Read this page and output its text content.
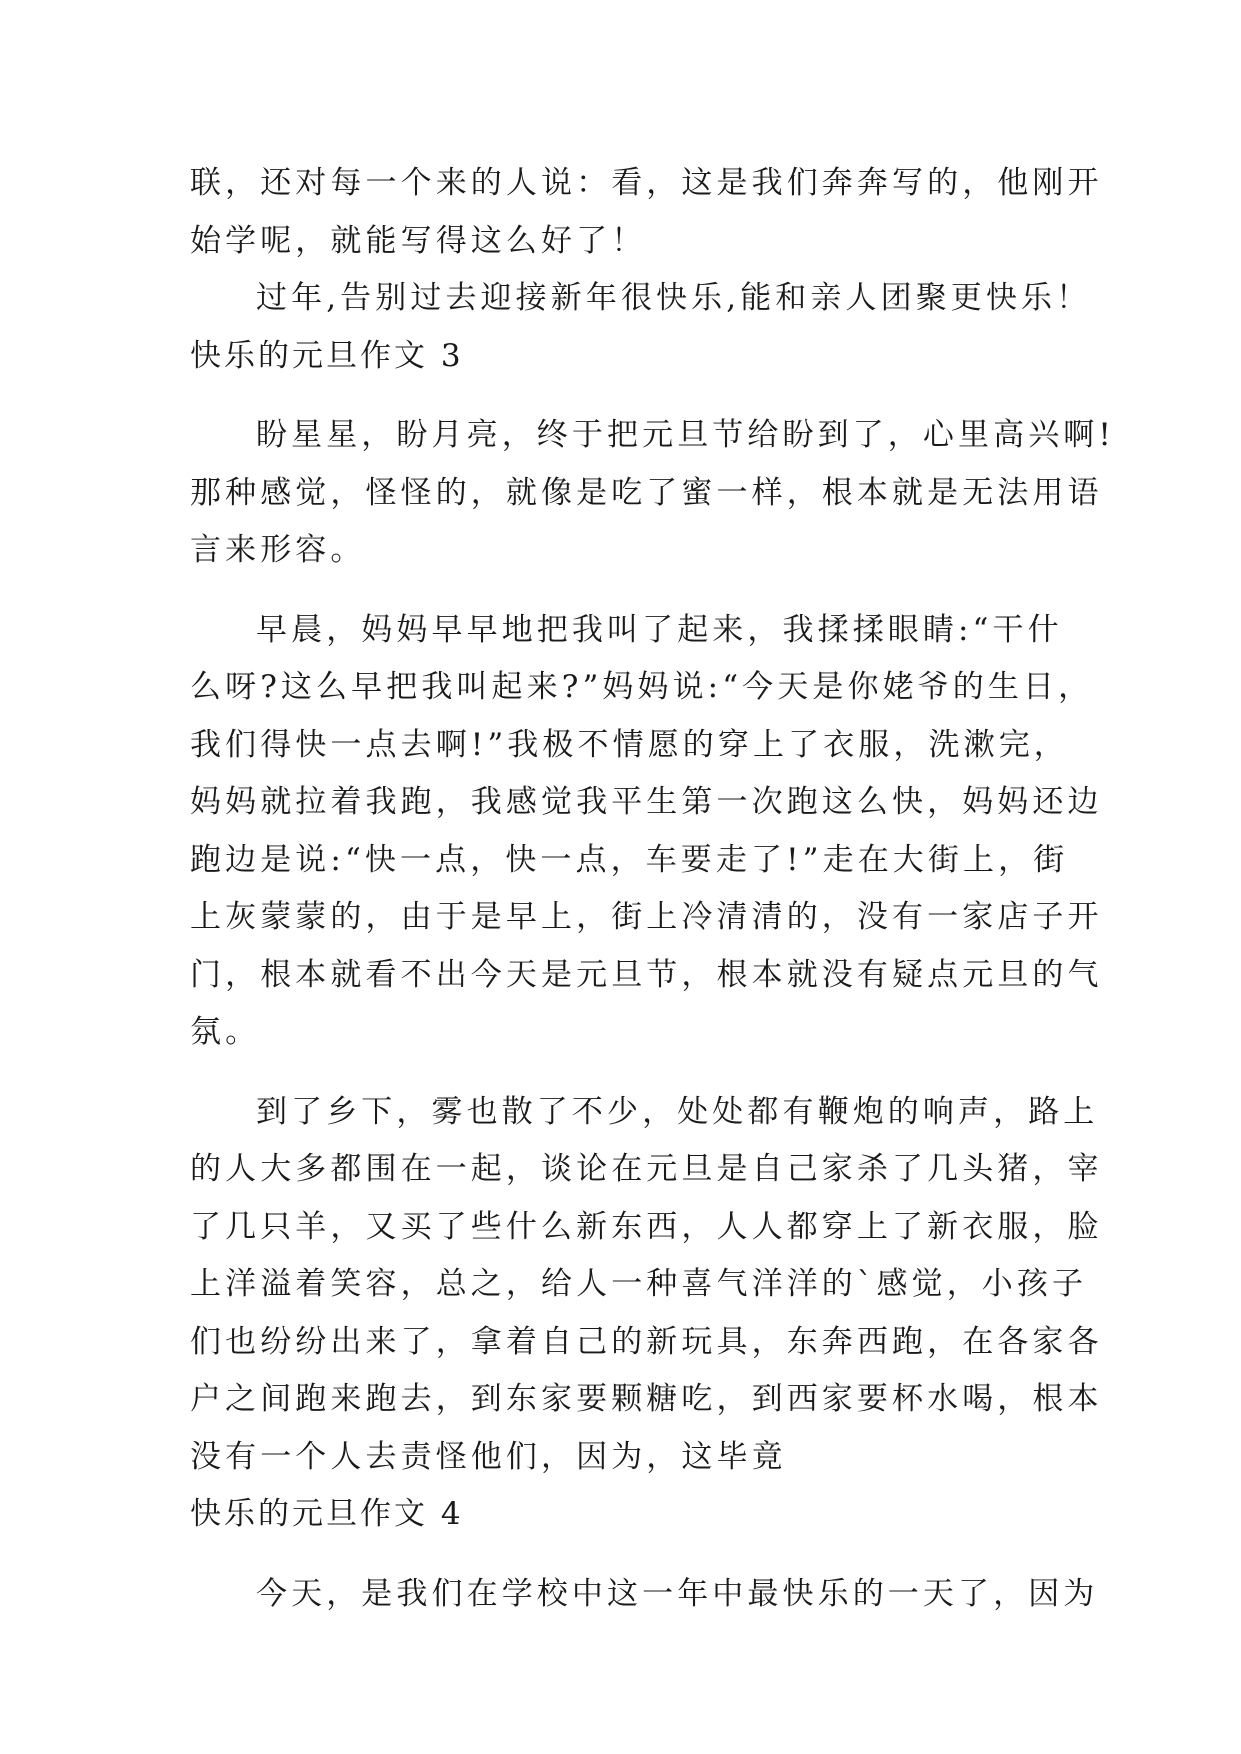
联，还对每一个来的人说：看，这是我们奔奔写的，他刚开
始学呢，就能写得这么好了！
过年,告别过去迎接新年很快乐,能和亲人团聚更快乐！
快乐的元旦作文 3
盼星星，盼月亮，终于把元旦节给盼到了，心里高兴啊!
那种感觉，怪怪的，就像是吃了蜜一样，根本就是无法用语
言来形容。
早晨，妈妈早早地把我叫了起来，我揉揉眼睛:“干什
么呀?这么早把我叫起来?”妈妈说:“今天是你姥爷的生日，
我们得快一点去啊!”我极不情愿的穿上了衣服，洗漱完，
妈妈就拉着我跑，我感觉我平生第一次跑这么快，妈妈还边
跑边是说:“快一点，快一点，车要走了!”走在大街上，街
上灰蒙蒙的，由于是早上，街上冷清清的，没有一家店子开
门，根本就看不出今天是元旦节，根本就没有疑点元旦的气
氛。
到了乡下，雾也散了不少，处处都有鞭炮的响声，路上
的人大多都围在一起，谈论在元旦是自己家杀了几头猪，宰
了几只羊，又买了些什么新东西，人人都穿上了新衣服，脸
上洋溢着笑容，总之，给人一种喜气洋洋的`感觉，小孩子
们也纷纷出来了，拿着自己的新玩具，东奔西跑，在各家各
户之间跑来跑去，到东家要颗糖吃，到西家要杯水喝，根本
没有一个人去责怪他们，因为，这毕竟
快乐的元旦作文 4
今天，是我们在学校中这一年中最快乐的一天了，因为
